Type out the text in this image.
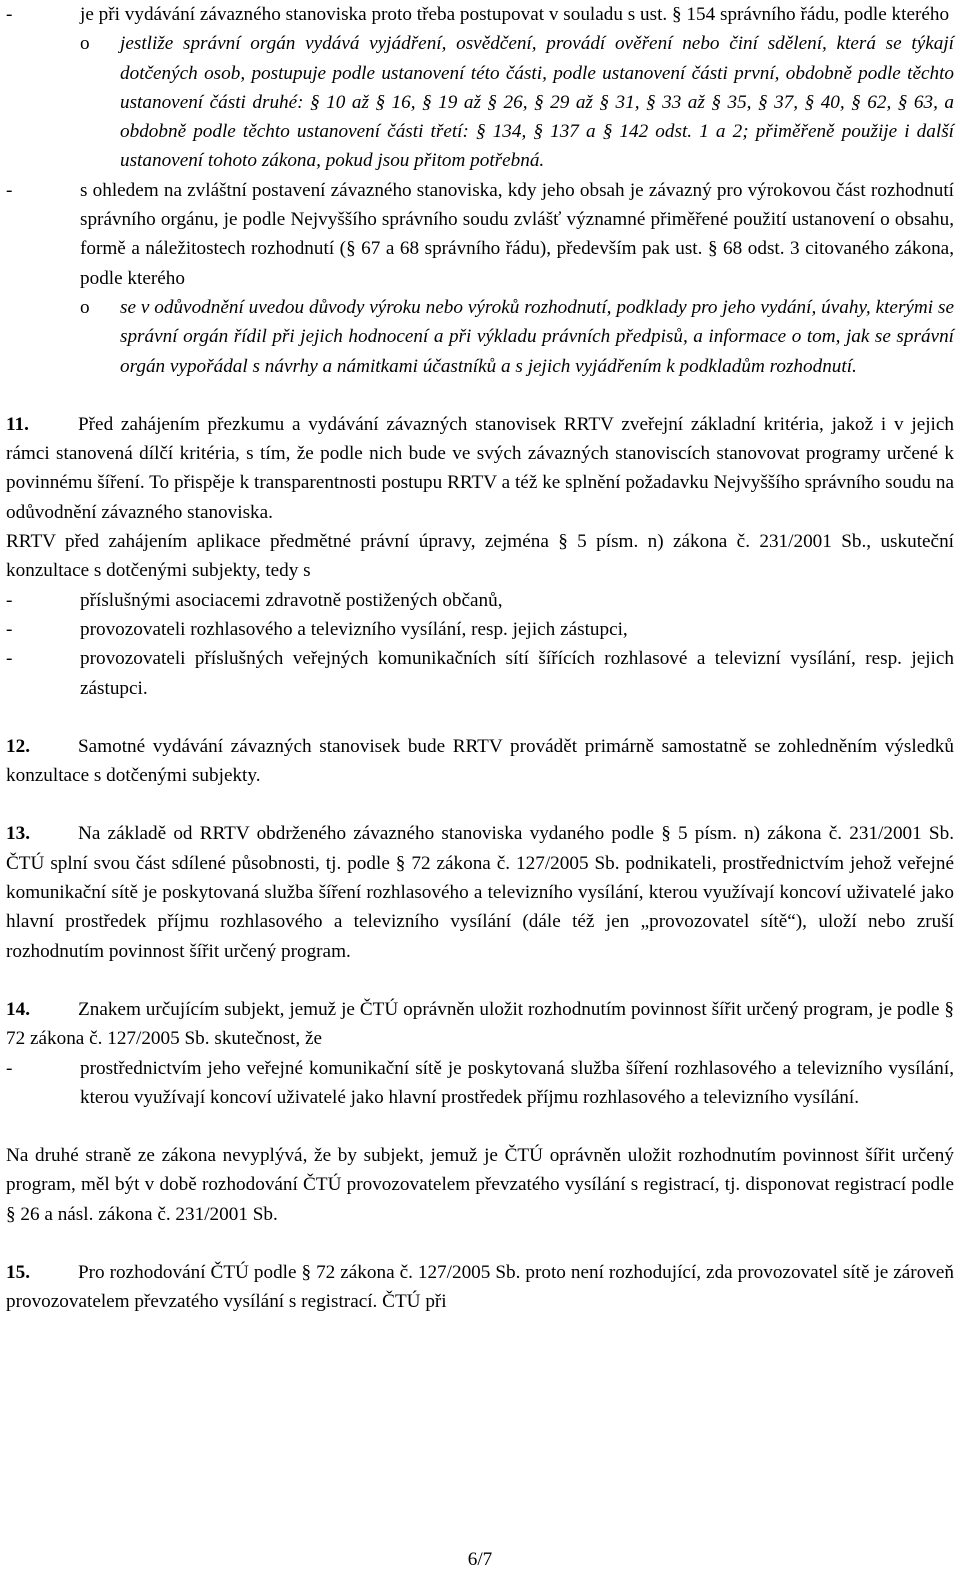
-	je při vydávání závazného stanoviska proto třeba postupovat v souladu s ust. § 154 správního řádu, podle kterého
o	jestliže správní orgán vydává vyjádření, osvědčení, provádí ověření nebo činí sdělení, která se týkají dotčených osob, postupuje podle ustanovení této části, podle ustanovení části první, obdobně podle těchto ustanovení části druhé: § 10 až § 16, § 19 až § 26, § 29 až § 31, § 33 až § 35, § 37, § 40, § 62, § 63, a obdobně podle těchto ustanovení části třetí: § 134, § 137 a § 142 odst. 1 a 2; přiměřeně použije i další ustanovení tohoto zákona, pokud jsou přitom potřebná.
-	s ohledem na zvláštní postavení závazného stanoviska, kdy jeho obsah je závazný pro výrokovou část rozhodnutí správního orgánu, je podle Nejvyššího správního soudu zvlášť významné přiměřené použití ustanovení o obsahu, formě a náležitostech rozhodnutí (§ 67 a 68 správního řádu), především pak ust. § 68 odst. 3 citovaného zákona, podle kterého
o	se v odůvodnění uvedou důvody výroku nebo výroků rozhodnutí, podklady pro jeho vydání, úvahy, kterými se správní orgán řídil při jejich hodnocení a při výkladu právních předpisů, a informace o tom, jak se správní orgán vypořádal s návrhy a námitkami účastníků a s jejich vyjádřením k podkladům rozhodnutí.

11.	Před zahájením přezkumu a vydávání závazných stanovisek RRTV zveřejní základní kritéria, jakož i v jejich rámci stanovená dílčí kritéria, s tím, že podle nich bude ve svých závazných stanoviscích stanovovat programy určené k povinnému šíření. To přispěje k transparentnosti postupu RRTV a též ke splnění požadavku Nejvyššího správního soudu na odůvodnění závazného stanoviska.

RRTV před zahájením aplikace předmětné právní úpravy, zejména § 5 písm. n) zákona č. 231/2001 Sb., uskuteční konzultace s dotčenými subjekty, tedy s

-	příslušnými asociacemi zdravotně postižených občanů,
-	provozovateli rozhlasového a televizního vysílání, resp. jejich zástupci,
-	provozovateli příslušných veřejných komunikačních sítí šířících rozhlasové a televizní vysílání, resp. jejich zástupci.

12.	Samotné vydávání závazných stanovisek bude RRTV provádět primárně samostatně se zohledněním výsledků konzultace s dotčenými subjekty.

13.	Na základě od RRTV obdrženého závazného stanoviska vydaného podle § 5 písm. n) zákona č. 231/2001 Sb. ČTÚ splní svou část sdílené působnosti, tj. podle § 72 zákona č. 127/2005 Sb. podnikateli, prostřednictvím jehož veřejné komunikační sítě je poskytovaná služba šíření rozhlasového a televizního vysílání, kterou využívají koncoví uživatelé jako hlavní prostředek příjmu rozhlasového a televizního vysílání (dále též jen „provozovatel sítě“), uloží nebo zruší rozhodnutím povinnost šířit určený program.

14.	Znakem určujícím subjekt, jemuž je ČTÚ oprávněn uložit rozhodnutím povinnost šířit určený program, je podle § 72 zákona č. 127/2005 Sb. skutečnost, že

-	prostřednictvím jeho veřejné komunikační sítě je poskytovaná služba šíření rozhlasového a televizního vysílání, kterou využívají koncoví uživatelé jako hlavní prostředek příjmu rozhlasového a televizního vysílání.

Na druhé straně ze zákona nevyplývá, že by subjekt, jemuž je ČTÚ oprávněn uložit rozhodnutím povinnost šířit určený program, měl být v době rozhodování ČTÚ provozovatelem převzatého vysílání s registrací, tj. disponovat registrací podle § 26 a násl. zákona č. 231/2001 Sb.

15.	Pro rozhodování ČTÚ podle § 72 zákona č. 127/2005 Sb. proto není rozhodující, zda provozovatel sítě je zároveň provozovatelem převzatého vysílání s registrací. ČTÚ při

6/7
